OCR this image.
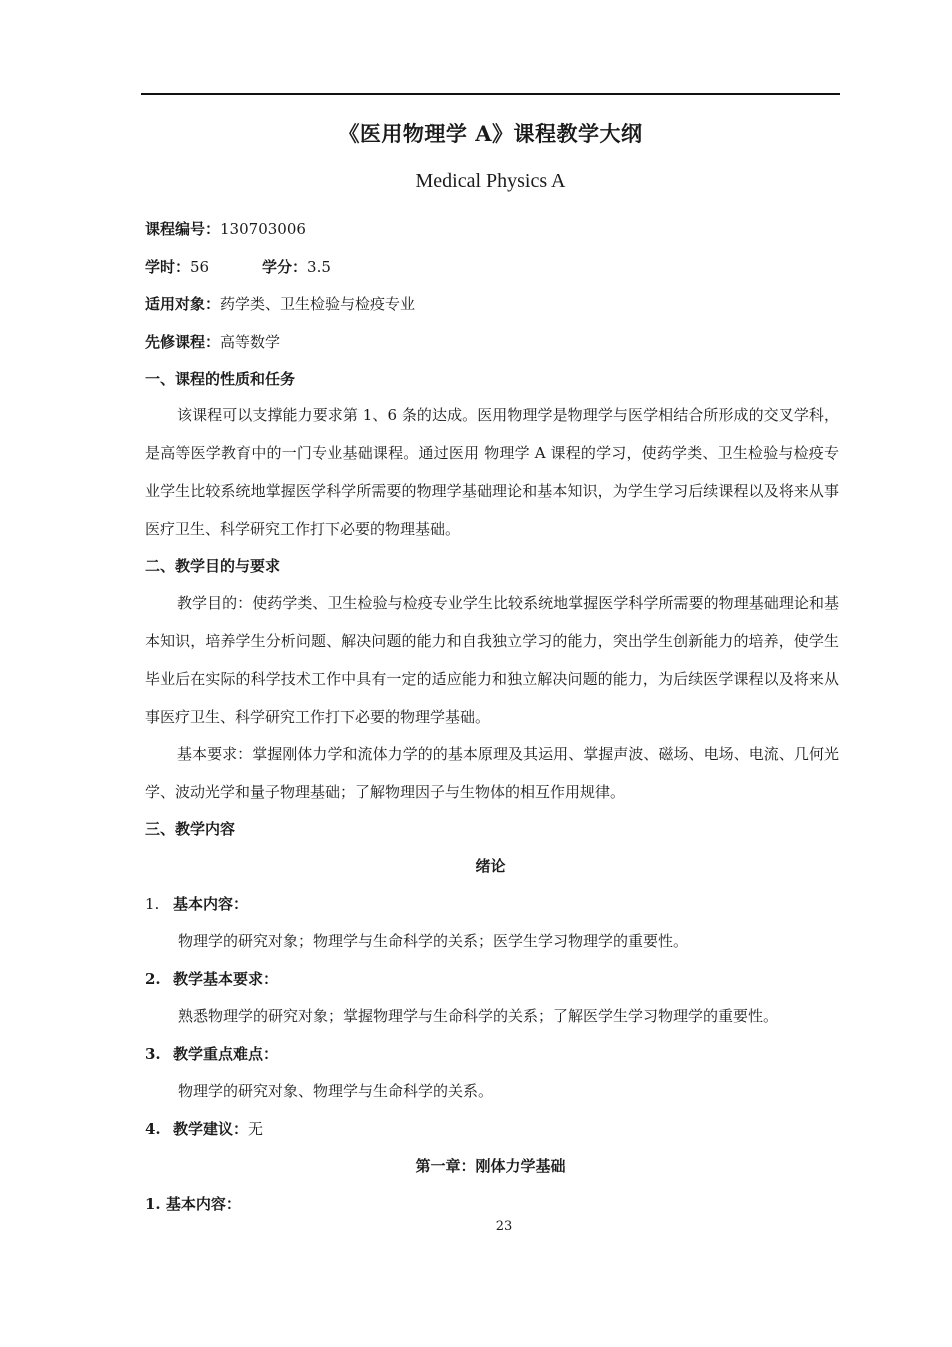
《医用物理学 A》课程教学大纲
Medical Physics A
课程编号：130703006
学时：56	学分：3.5
适用对象：药学类、卫生检验与检疫专业
先修课程：高等数学
一、课程的性质和任务
该课程可以支撑能力要求第 1、6 条的达成。医用物理学是物理学与医学相结合所形成的交叉学科，是高等医学教育中的一门专业基础课程。通过医用 物理学 A 课程的学习，使药学类、卫生检验与检疫专业学生比较系统地掌握医学科学所需要的物理学基础理论和基本知识，为学生学习后续课程以及将来从事医疗卫生、科学研究工作打下必要的物理基础。
二、教学目的与要求
教学目的：使药学类、卫生检验与检疫专业学生比较系统地掌握医学科学所需要的物理基础理论和基本知识，培养学生分析问题、解决问题的能力和自我独立学习的能力，突出学生创新能力的培养，使学生毕业后在实际的科学技术工作中具有一定的适应能力和独立解决问题的能力，为后续医学课程以及将来从事医疗卫生、科学研究工作打下必要的物理学基础。
基本要求：掌握刚体力学和流体力学的的基本原理及其运用、掌握声波、磁场、电场、电流、几何光学、波动光学和量子物理基础；了解物理因子与生物体的相互作用规律。
三、教学内容
绪论
1. 基本内容：
物理学的研究对象；物理学与生命科学的关系；医学生学习物理学的重要性。
2. 教学基本要求：
熟悉物理学的研究对象；掌握物理学与生命科学的关系；了解医学生学习物理学的重要性。
3. 教学重点难点：
物理学的研究对象、物理学与生命科学的关系。
4. 教学建议：无
第一章：刚体力学基础
1. 基本内容：
23
